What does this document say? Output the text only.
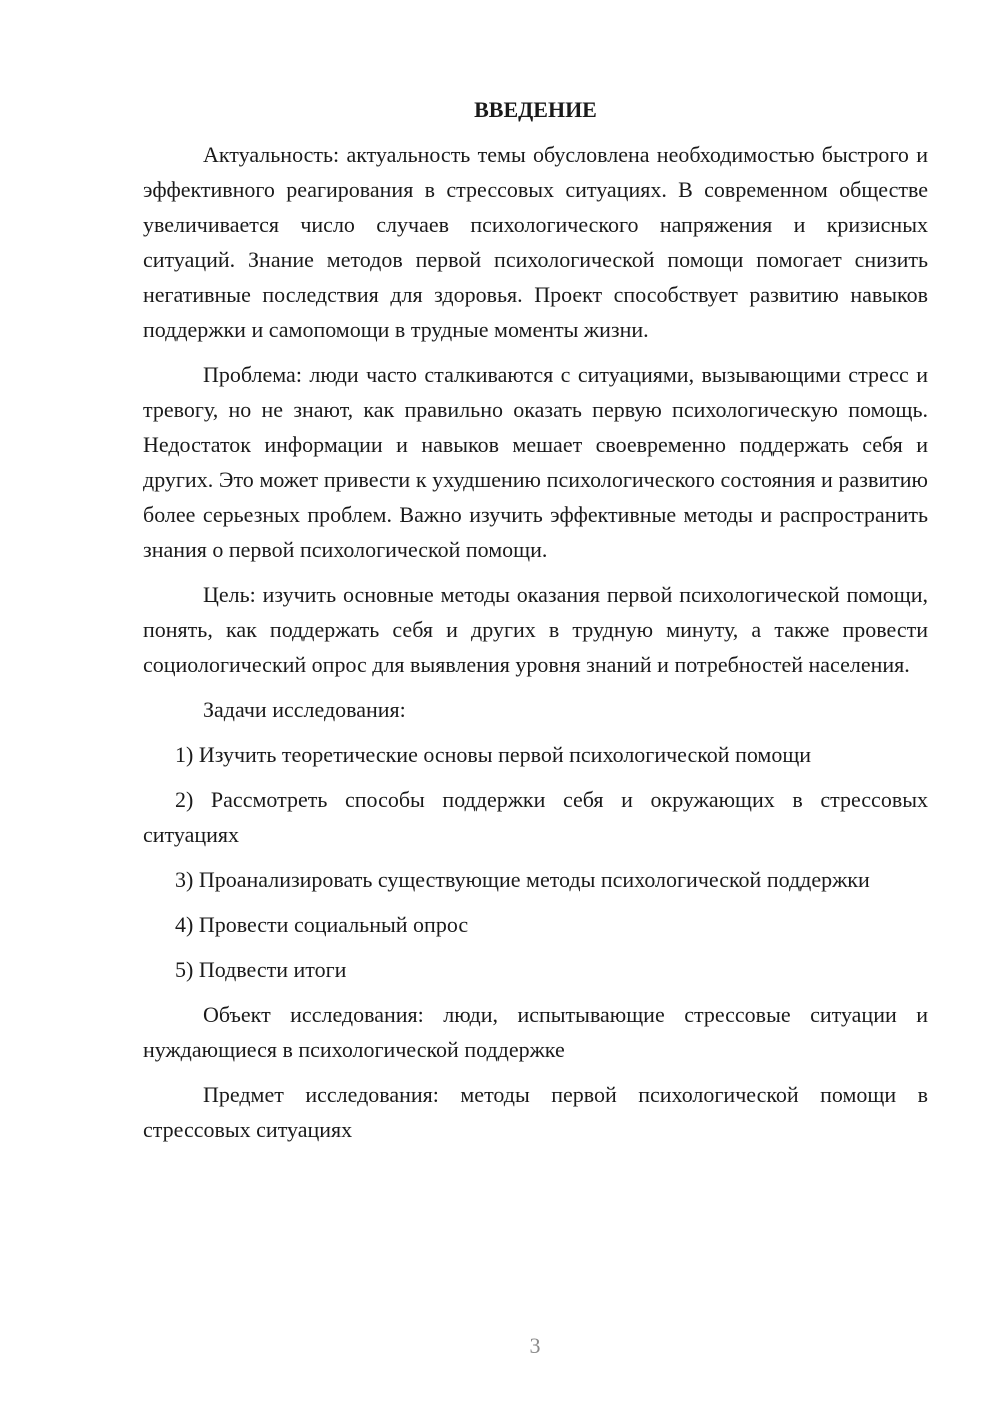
ВВЕДЕНИЕ

Актуальность: актуальность темы обусловлена необходимостью быстрого и эффективного реагирования в стрессовых ситуациях. В современном обществе увеличивается число случаев психологического напряжения и кризисных ситуаций. Знание методов первой психологической помощи помогает снизить негативные последствия для здоровья. Проект способствует развитию навыков поддержки и самопомощи в трудные моменты жизни.

Проблема: люди часто сталкиваются с ситуациями, вызывающими стресс и тревогу, но не знают, как правильно оказать первую психологическую помощь. Недостаток информации и навыков мешает своевременно поддержать себя и других. Это может привести к ухудшению психологического состояния и развитию более серьезных проблем. Важно изучить эффективные методы и распространить знания о первой психологической помощи.

Цель: изучить основные методы оказания первой психологической помощи, понять, как поддержать себя и других в трудную минуту, а также провести социологический опрос для выявления уровня знаний и потребностей населения.

Задачи исследования:

1) Изучить теоретические основы первой психологической помощи

2) Рассмотреть способы поддержки себя и окружающих в стрессовых ситуациях

3) Проанализировать существующие методы психологической поддержки

4) Провести социальный опрос

5) Подвести итоги

Объект исследования: люди, испытывающие стрессовые ситуации и нуждающиеся в психологической поддержке

Предмет исследования: методы первой психологической помощи в стрессовых ситуациях

3
